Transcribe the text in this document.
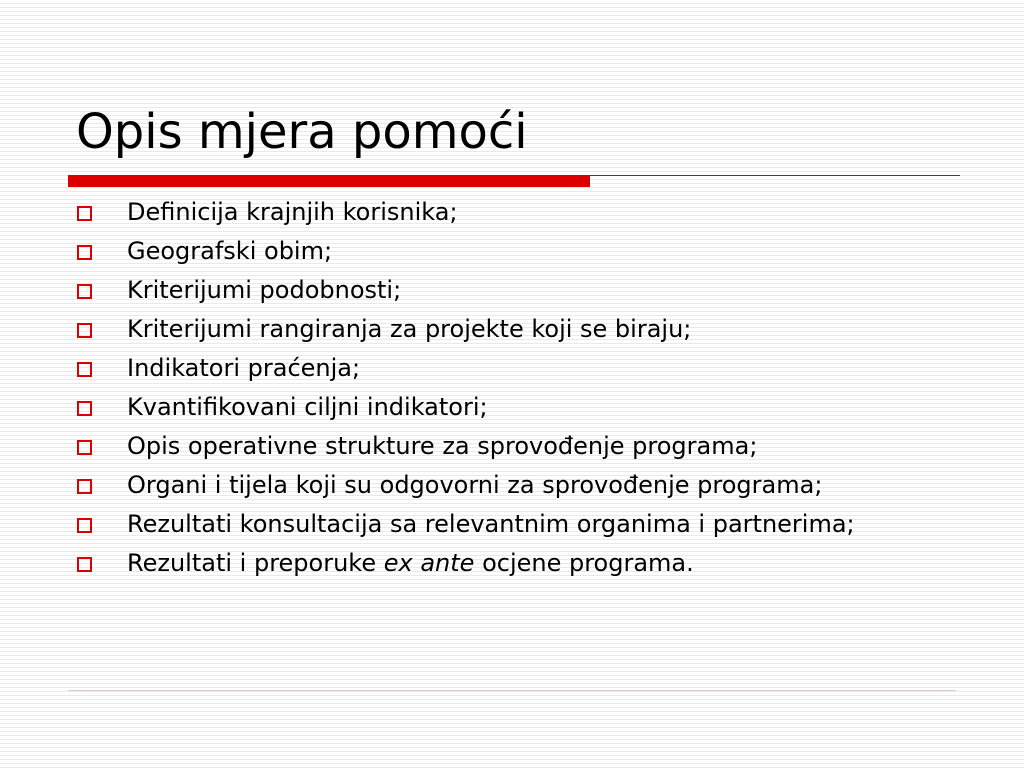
Opis mjera pomoći
Definicija krajnjih korisnika;
Geografski obim;
Kriterijumi podobnosti;
Kriterijumi rangiranja za projekte koji se biraju;
Indikatori praćenja;
Kvantifikovani ciljni indikatori;
Opis operativne strukture za sprovođenje programa;
Organi i tijela koji su odgovorni za sprovođenje programa;
Rezultati konsultacija sa relevantnim organima i partnerima;
Rezultati i preporuke ex ante ocjene programa.
